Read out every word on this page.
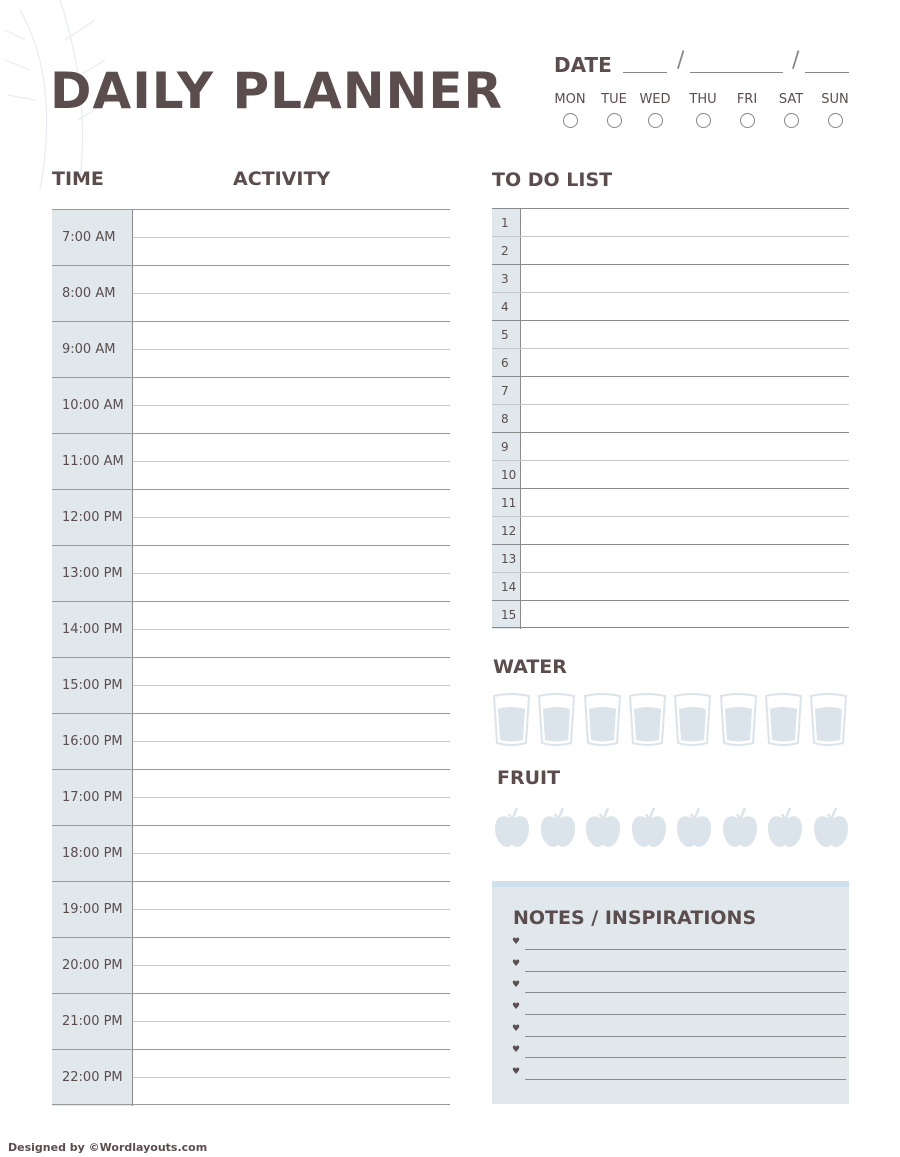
DAILY PLANNER	DATE	/	/
MON	TUE WED	THU	FRI	SAT	SUN
TIME	ACTIVITY
7:00 AM
8:00 AM
9:00 AM
10:00 AM
11:00 AM
12:00 PM
13:00 PM
14:00 PM
15:00 PM
16:00 PM
17:00 PM
18:00 PM
19:00 PM
20:00 PM
21:00 PM
22:00 PM
TO DO LIST
1
2
3
4
5
6
7
8
9
10
11
12
13
14
15
WATER
FRUIT
NOTES / INSPIRATIONS
♥
♥
♥
♥
♥
♥
♥
Designed by ©Wordlayouts.com
